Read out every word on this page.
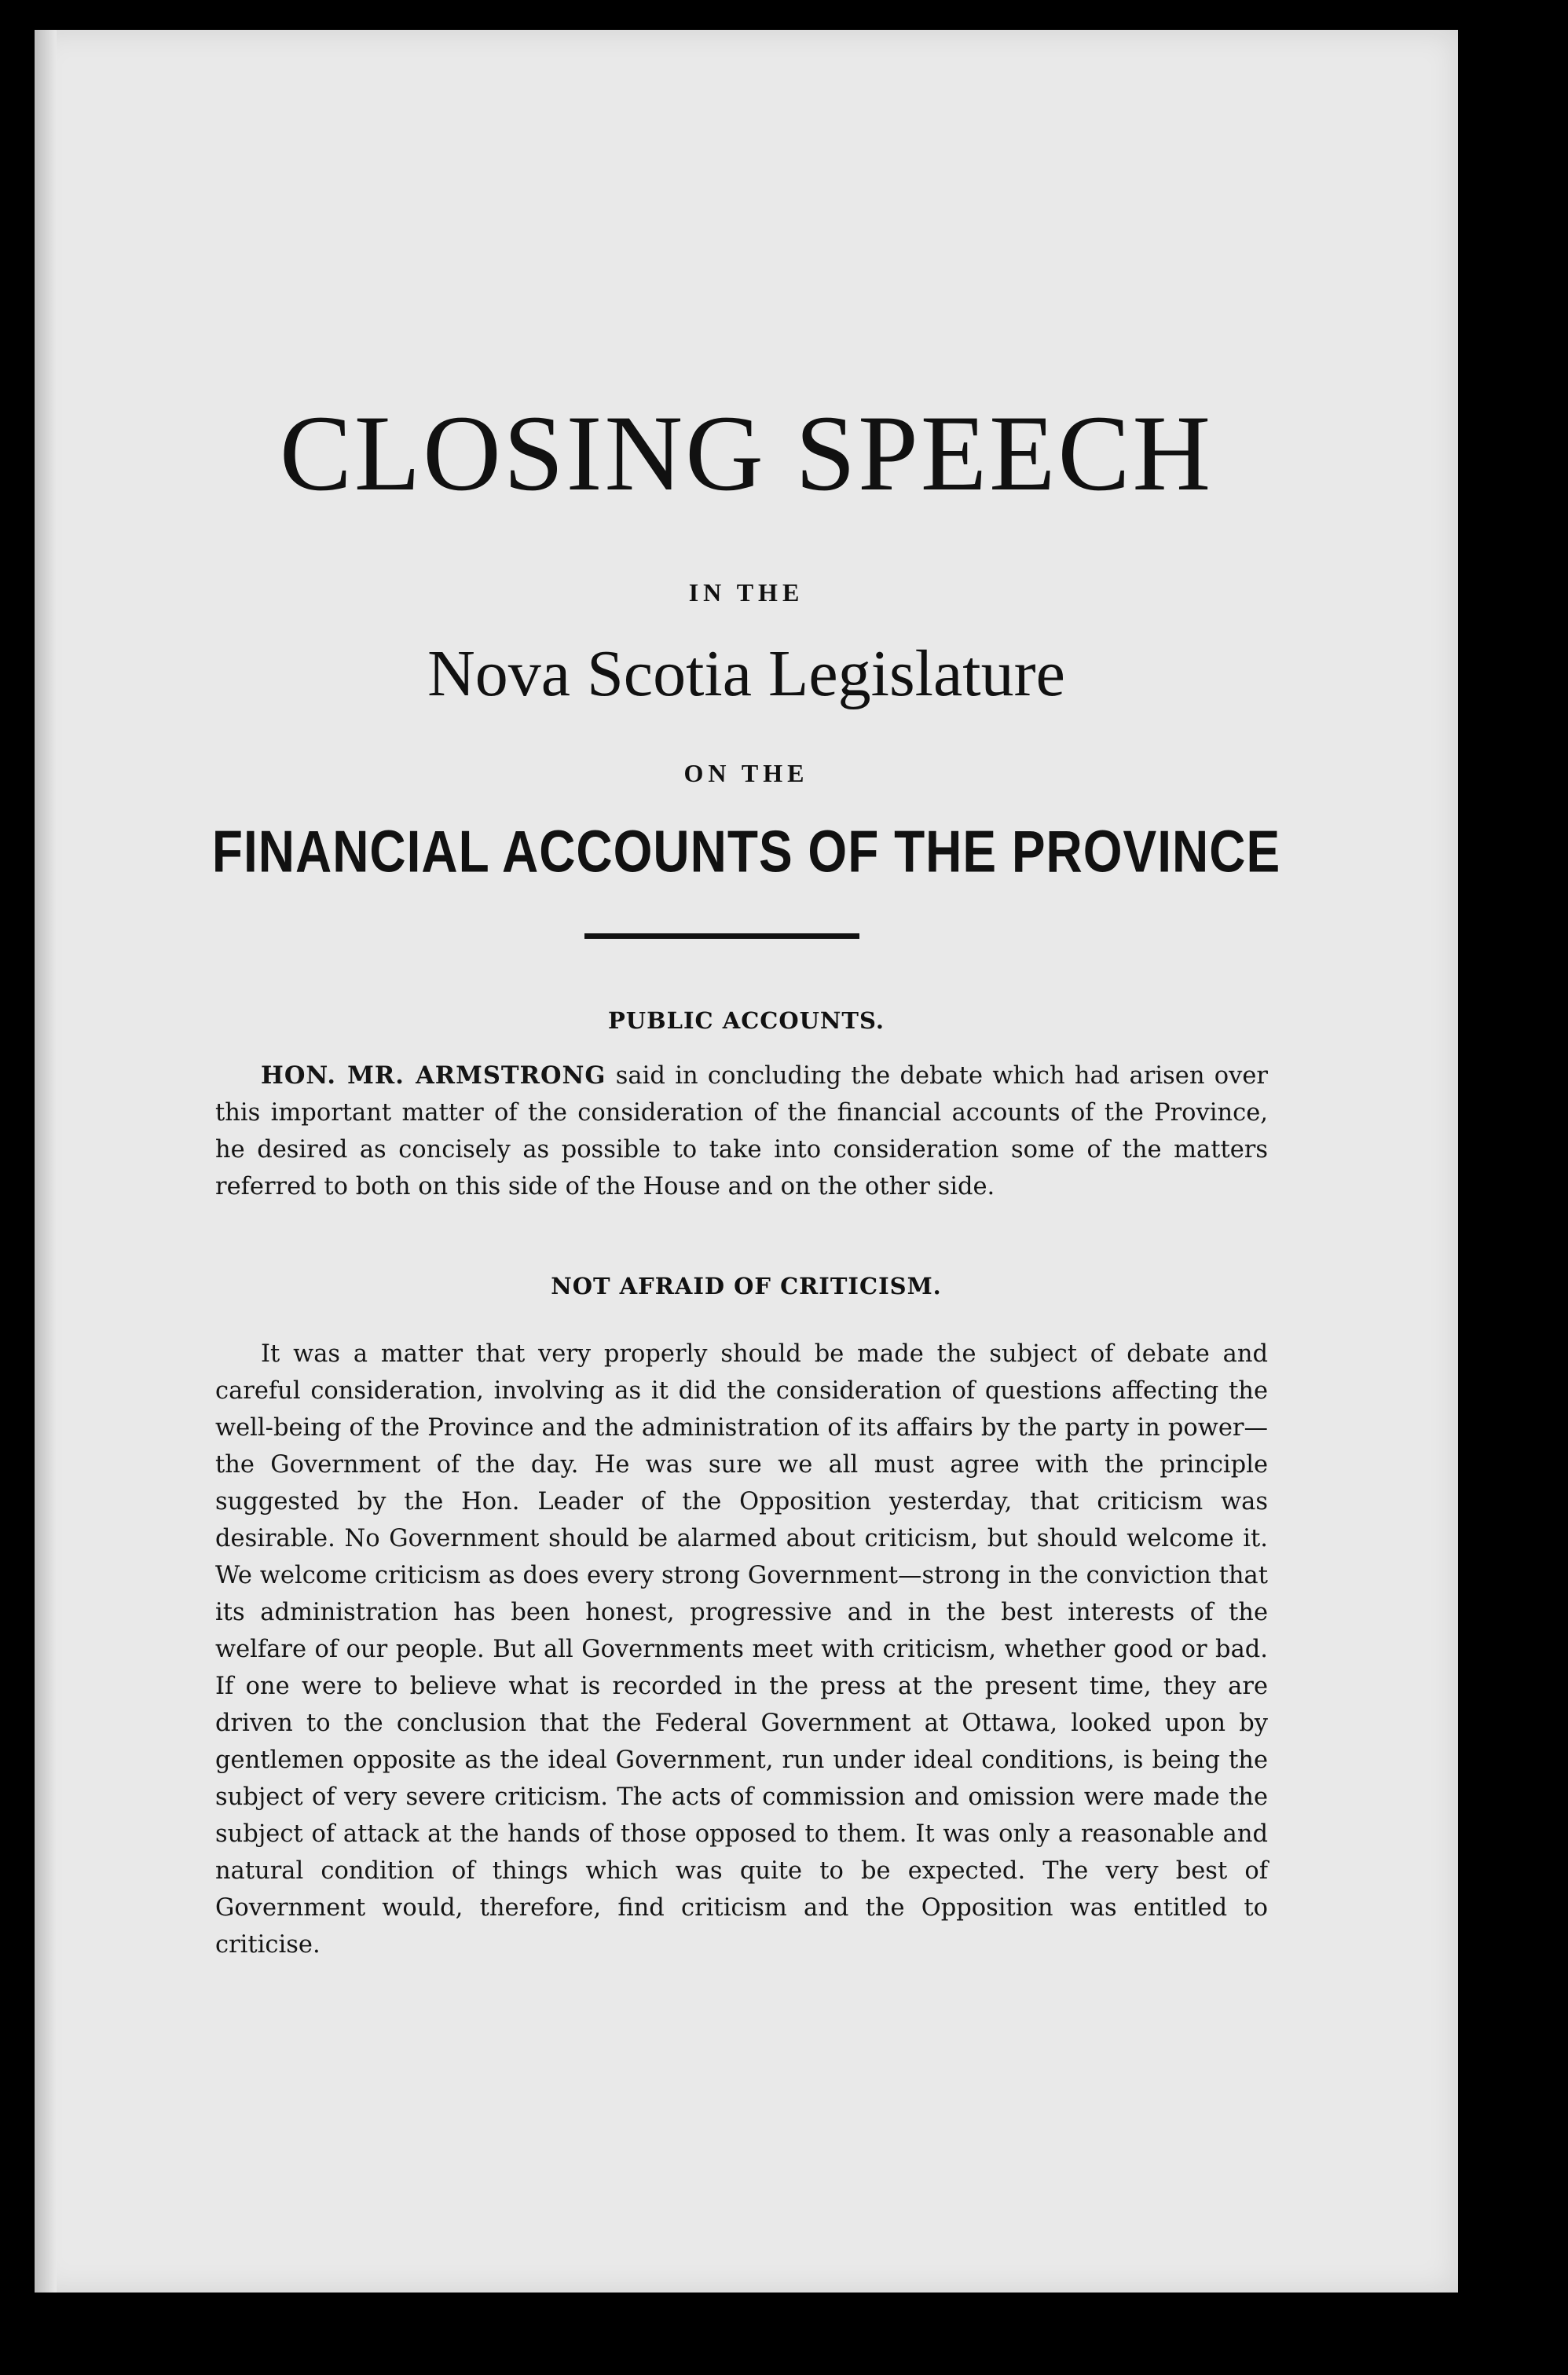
CLOSING SPEECH
IN THE
Nova Scotia Legislature
ON THE
FINANCIAL ACCOUNTS OF THE PROVINCE
PUBLIC ACCOUNTS.

HON. MR. ARMSTRONG said in concluding the debate which had arisen over this important matter of the consideration of the financial accounts of the Province, he desired as concisely as possible to take into consideration some of the matters referred to both on this side of the House and on the other side.

NOT AFRAID OF CRITICISM.

It was a matter that very properly should be made the subject of debate and careful consideration, involving as it did the consideration of questions affecting the well-being of the Province and the administration of its affairs by the party in power—the Government of the day. He was sure we all must agree with the principle suggested by the Hon. Leader of the Opposition yesterday, that criticism was desirable. No Government should be alarmed about criticism, but should welcome it. We welcome criticism as does every strong Government—strong in the conviction that its administration has been honest, progressive and in the best interests of the welfare of our people. But all Governments meet with criticism, whether good or bad. If one were to believe what is recorded in the press at the present time, they are driven to the conclusion that the Federal Government at Ottawa, looked upon by gentlemen opposite as the ideal Government, run under ideal conditions, is being the subject of very severe criticism. The acts of commission and omission were made the subject of attack at the hands of those opposed to them. It was only a reasonable and natural condition of things which was quite to be expected. The very best of Government would, therefore, find criticism and the Opposition was entitled to criticise.
